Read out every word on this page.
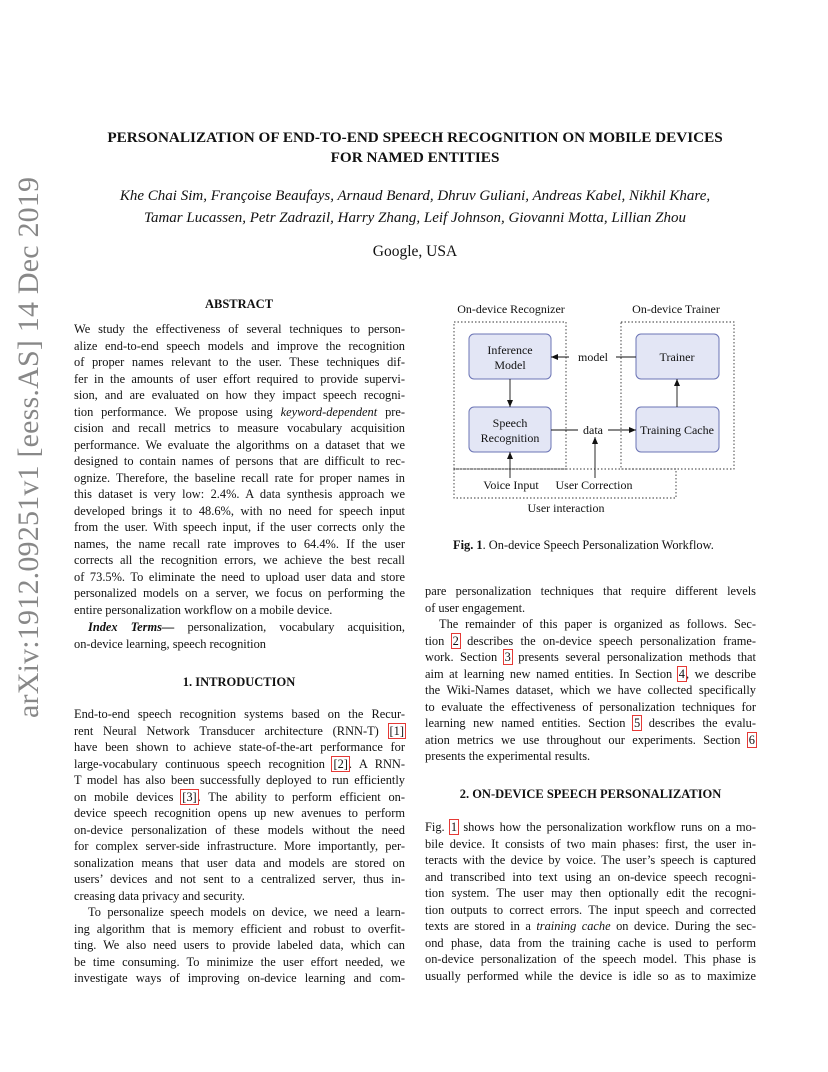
arXiv:1912.09251v1 [eess.AS] 14 Dec 2019
PERSONALIZATION OF END-TO-END SPEECH RECOGNITION ON MOBILE DEVICES
FOR NAMED ENTITIES
Khe Chai Sim, Françoise Beaufays, Arnaud Benard, Dhruv Guliani, Andreas Kabel, Nikhil Khare,
Tamar Lucassen, Petr Zadrazil, Harry Zhang, Leif Johnson, Giovanni Motta, Lillian Zhou
Google, USA
ABSTRACT
We study the effectiveness of several techniques to person-
alize end-to-end speech models and improve the recognition
of proper names relevant to the user. These techniques dif-
fer in the amounts of user effort required to provide supervi-
sion, and are evaluated on how they impact speech recogni-
tion performance. We propose using keyword-dependent pre-
cision and recall metrics to measure vocabulary acquisition
performance. We evaluate the algorithms on a dataset that we
designed to contain names of persons that are difficult to rec-
ognize. Therefore, the baseline recall rate for proper names in
this dataset is very low: 2.4%. A data synthesis approach we
developed brings it to 48.6%, with no need for speech input
from the user. With speech input, if the user corrects only the
names, the name recall rate improves to 64.4%. If the user
corrects all the recognition errors, we achieve the best recall
of 73.5%. To eliminate the need to upload user data and store
personalized models on a server, we focus on performing the
entire personalization workflow on a mobile device.
Index Terms— personalization, vocabulary acquisition,
on-device learning, speech recognition
1. INTRODUCTION
End-to-end speech recognition systems based on the Recur-
rent Neural Network Transducer architecture (RNN-T) [1]
have been shown to achieve state-of-the-art performance for
large-vocabulary continuous speech recognition [2]. A RNN-
T model has also been successfully deployed to run efficiently
on mobile devices [3]. The ability to perform efficient on-
device speech recognition opens up new avenues to perform
on-device personalization of these models without the need
for complex server-side infrastructure. More importantly, per-
sonalization means that user data and models are stored on
users’ devices and not sent to a centralized server, thus in-
creasing data privacy and security.
To personalize speech models on device, we need a learn-
ing algorithm that is memory efficient and robust to overfit-
ting. We also need users to provide labeled data, which can
be time consuming. To minimize the user effort needed, we
investigate ways of improving on-device learning and com-
On-device Recognizer	On-device Trainer
Inference
Model
Trainer
Speech
Recognition
Training Cache
model
data
Voice Input User Correction
User interaction
Fig. 1. On-device Speech Personalization Workflow.
pare personalization techniques that require different levels
of user engagement.
The remainder of this paper is organized as follows. Sec-
tion 2 describes the on-device speech personalization frame-
work. Section 3 presents several personalization methods that
aim at learning new named entities. In Section 4, we describe
the Wiki-Names dataset, which we have collected specifically
to evaluate the effectiveness of personalization techniques for
learning new named entities. Section 5 describes the evalu-
ation metrics we use throughout our experiments. Section 6
presents the experimental results.
2. ON-DEVICE SPEECH PERSONALIZATION
Fig. 1 shows how the personalization workflow runs on a mo-
bile device. It consists of two main phases: first, the user in-
teracts with the device by voice. The user’s speech is captured
and transcribed into text using an on-device speech recogni-
tion system. The user may then optionally edit the recogni-
tion outputs to correct errors. The input speech and corrected
texts are stored in a training cache on device. During the sec-
ond phase, data from the training cache is used to perform
on-device personalization of the speech model. This phase is
usually performed while the device is idle so as to maximize
